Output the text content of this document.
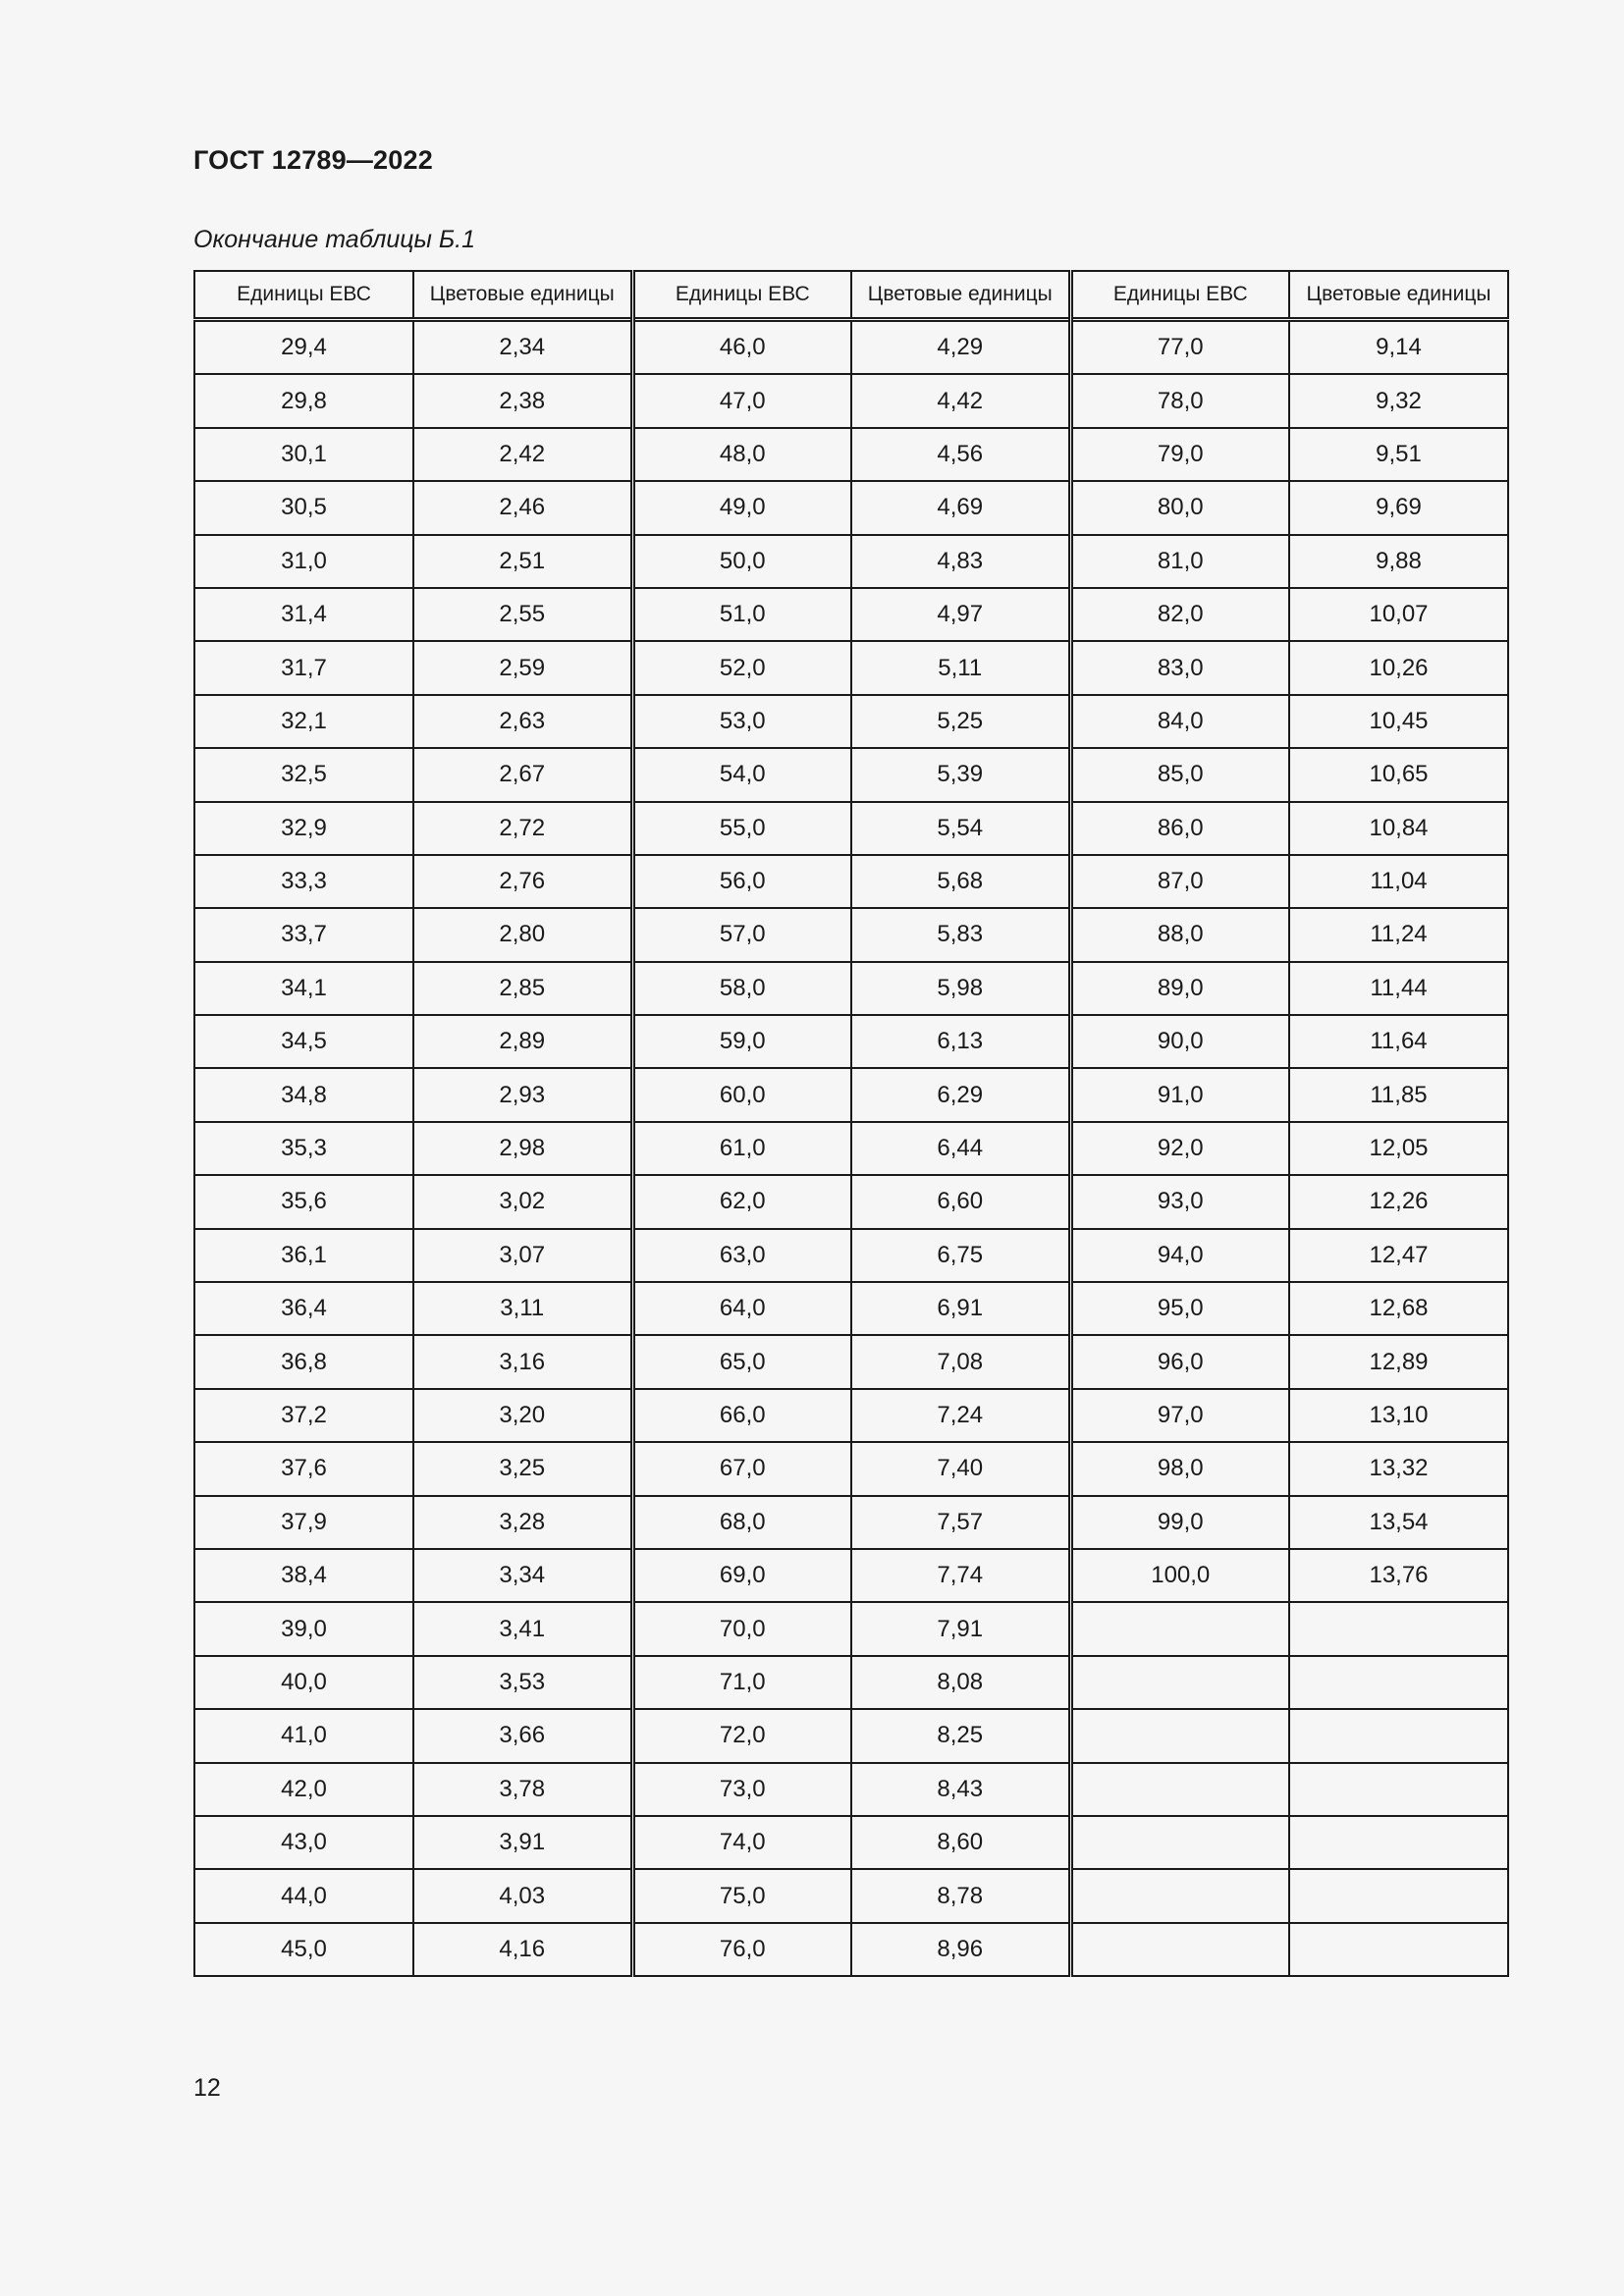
ГОСТ 12789—2022
Окончание таблицы Б.1
Единицы ЕВС	Цветовые единицы	Единицы ЕВС	Цветовые единицы	Единицы ЕВС	Цветовые единицы
29,4	2,34	46,0	4,29	77,0	9,14
29,8	2,38	47,0	4,42	78,0	9,32
30,1	2,42	48,0	4,56	79,0	9,51
30,5	2,46	49,0	4,69	80,0	9,69
31,0	2,51	50,0	4,83	81,0	9,88
31,4	2,55	51,0	4,97	82,0	10,07
31,7	2,59	52,0	5,11	83,0	10,26
32,1	2,63	53,0	5,25	84,0	10,45
32,5	2,67	54,0	5,39	85,0	10,65
32,9	2,72	55,0	5,54	86,0	10,84
33,3	2,76	56,0	5,68	87,0	11,04
33,7	2,80	57,0	5,83	88,0	11,24
34,1	2,85	58,0	5,98	89,0	11,44
34,5	2,89	59,0	6,13	90,0	11,64
34,8	2,93	60,0	6,29	91,0	11,85
35,3	2,98	61,0	6,44	92,0	12,05
35,6	3,02	62,0	6,60	93,0	12,26
36,1	3,07	63,0	6,75	94,0	12,47
36,4	3,11	64,0	6,91	95,0	12,68
36,8	3,16	65,0	7,08	96,0	12,89
37,2	3,20	66,0	7,24	97,0	13,10
37,6	3,25	67,0	7,40	98,0	13,32
37,9	3,28	68,0	7,57	99,0	13,54
38,4	3,34	69,0	7,74	100,0	13,76
39,0	3,41	70,0	7,91		
40,0	3,53	71,0	8,08		
41,0	3,66	72,0	8,25		
42,0	3,78	73,0	8,43		
43,0	3,91	74,0	8,60		
44,0	4,03	75,0	8,78		
45,0	4,16	76,0	8,96		
12
